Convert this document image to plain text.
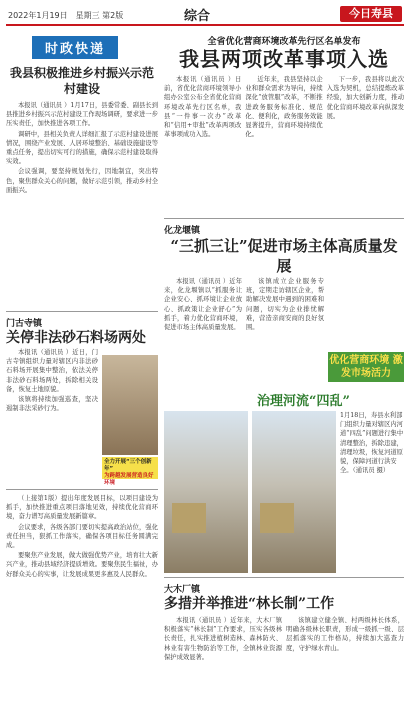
2022年1月19日　星期三 第2版	综合	今日寿县
时政快递
我县积极推进乡村振兴示范村建设

本报讯（通讯员 ）1月17日，县委常委、副县长到县推进乡村振兴示范村建设工作现场调研，要求进一步压实责任，加快推进各项工作。

调研中，县相关负责人详细汇报了示范村建设进展情况，围绕产业发展、人居环境整治、基础设施建设等重点任务，提出切实可行的措施，确保示范村建设取得实效。

会议强调，要坚持规划先行，因地制宜，突出特色，聚焦群众关心的问题，做好示范引领，推动乡村全面振兴。

门古寺镇
关停非法砂石料场两处

本报讯（通讯员 ）近日，门古寺镇组织力量对辖区内非法砂石料场开展集中整治，依法关停非法砂石料场两处，拆除相关设备，恢复土地原貌。

该镇将持续加强巡查，坚决遏制非法采砂行为。

全力开展“三个创新年”
为跨越发展营造良好环境

（上接第1版）提出年度发展目标，以项目建设为抓手，加快推进重点项目落地见效，持续优化营商环境，奋力谱写高质量发展新篇章。

会议要求，各级各部门要切实提高政治站位，强化责任担当，狠抓工作落实，确保各项目标任务圆满完成。

要聚焦产业发展，做大做强优势产业，培育壮大新兴产业，推动县域经济提质增效。要聚焦民生福祉，办好群众关心的实事，让发展成果更多惠及人民群众。

全省优化营商环境改革先行区名单发布
我县两项改革事项入选

本报讯（通讯员 ）日前，省优化营商环境领导小组办公室公布全省优化营商环境改革先行区名单，我县“一件事一次办”改革和“信用+审批”改革两项改革事项成功入选。

近年来，我县坚持以企业和群众需求为导向，持续深化“放管服”改革，不断推进政务服务标准化、规范化、便利化，政务服务效能显著提升，营商环境持续优化。

下一步，我县将以此次入选为契机，总结提炼改革经验，加大创新力度，推动优化营商环境改革向纵深发展。

化龙堰镇
“三抓三让”促进市场主体高质量发展

本报讯（通讯员 ）近年来，化龙堰镇以“抓服务让企业安心、抓环境让企业放心、抓政策让企业舒心”为抓手，着力优化营商环境，促进市场主体高质量发展。

该镇成立企业服务专班，定期走访辖区企业，帮助解决发展中遇到的困难和问题，切实为企业排忧解难，营造亲商安商的良好氛围。

优化营商环境 激发市场活力
治理河流“四乱”
1月18日，寿县水利部门组织力量对辖区内河道“四乱”问题进行集中清理整治，拆除违建，清理垃圾，恢复河道原貌，保障河道行洪安全。（通讯员 摄）
大木厂镇
多措并举推进“林长制”工作

本报讯（通讯员 ）近年来，大木厂镇积极落实“林长制”工作要求，压实各级林长责任，扎实推进植树造林、森林防火、林业有害生物防治等工作，全镇林业资源保护成效显著。

该镇建立健全镇、村两级林长体系，明确各级林长职责，形成一级抓一级、层层抓落实的工作格局，持续加大巡查力度，守护绿水青山。
